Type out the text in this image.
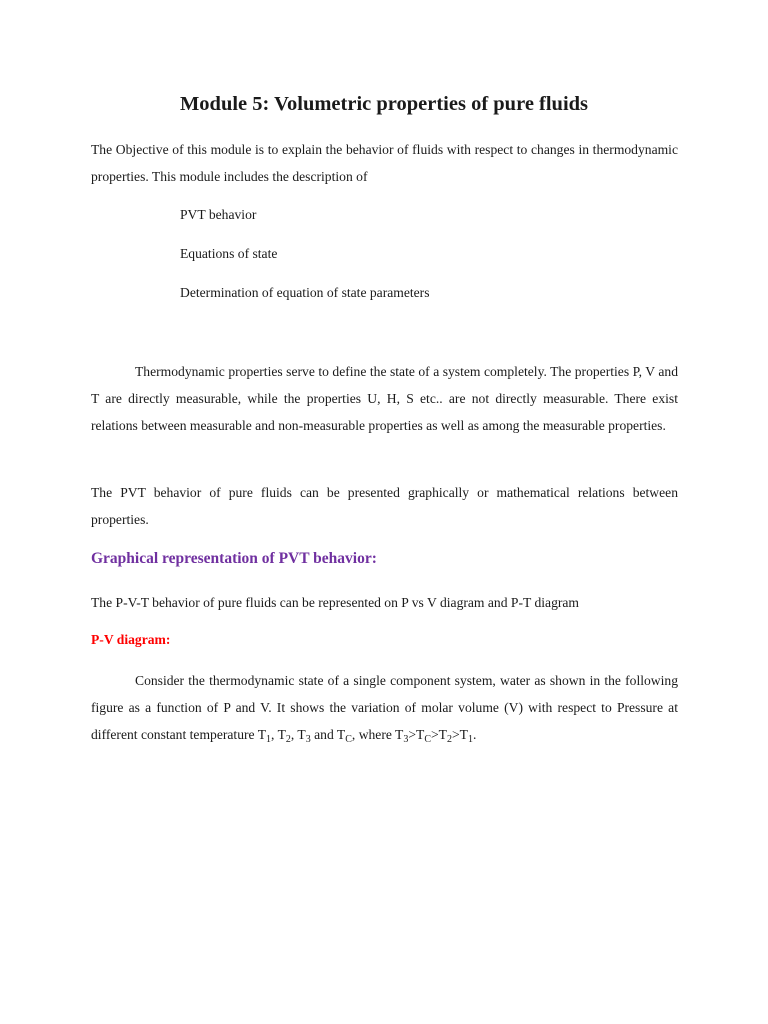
Module 5: Volumetric properties of pure fluids
The Objective of this module is to explain the behavior of fluids with respect to changes in thermodynamic properties. This module includes the description of
PVT behavior
Equations of state
Determination of equation of state parameters
Thermodynamic properties serve to define the state of a system completely. The properties P, V and T are directly measurable, while the properties U, H, S etc.. are not directly measurable. There exist relations between measurable and non-measurable properties as well as among the measurable properties.
The PVT behavior of pure fluids can be presented graphically or mathematical relations between properties.
Graphical representation of PVT behavior:
The P-V-T behavior of pure fluids can be represented on P vs V diagram and P-T diagram
P-V diagram:
Consider the thermodynamic state of a single component system, water as shown in the following figure as a function of P and V. It shows the variation of molar volume (V) with respect to Pressure at different constant temperature $T_1$, $T_2$, $T_3$ and $T_C$, where $T_3>T_C>T_2>T_1$.
